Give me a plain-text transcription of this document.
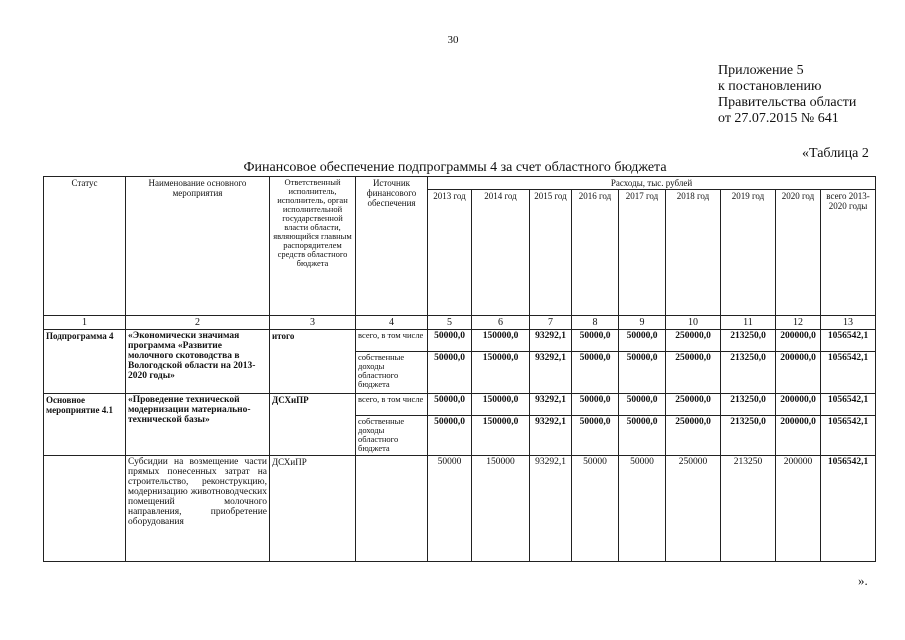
30
Приложение 5
к постановлению
Правительства области
от 27.07.2015 № 641
«Таблица 2
Финансовое обеспечение подпрограммы 4 за счет областного бюджета
Статус	Наименование основного мероприятия	Ответственный исполнитель, исполнитель, орган исполнительной государственной власти области, являющийся главным распорядителем средств областного бюджета	Источник финансового обеспечения	Расходы, тыс. рублей								
				2013 год	2014 год	2015 год	2016 год	2017 год	2018 год	2019 год	2020 год	всего 2013-2020 годы
1	2	3	4	5	6	7	8	9	10	11	12	13
Подпрограмма 4	«Экономически значимая программа «Развитие молочного скотоводства в Вологодской области на 2013-2020 годы»	итого	всего, в том числе	50000,0	150000,0	93292,1	50000,0	50000,0	250000,0	213250,0	200000,0	1056542,1
			собственные доходы областного бюджета	50000,0	150000,0	93292,1	50000,0	50000,0	250000,0	213250,0	200000,0	1056542,1
Основное мероприятие 4.1	«Проведение технической модернизации материально-технической базы»	ДСХиПР	всего, в том числе	50000,0	150000,0	93292,1	50000,0	50000,0	250000,0	213250,0	200000,0	1056542,1
			собственные доходы областного бюджета	50000,0	150000,0	93292,1	50000,0	50000,0	250000,0	213250,0	200000,0	1056542,1
	Субсидии на возмещение части прямых понесенных затрат на строительство, реконструкцию, модернизацию животноводческих помещений молочного направления, приобретение оборудования	ДСХиПР		50000	150000	93292,1	50000	50000	250000	213250	200000	1056542,1
».
